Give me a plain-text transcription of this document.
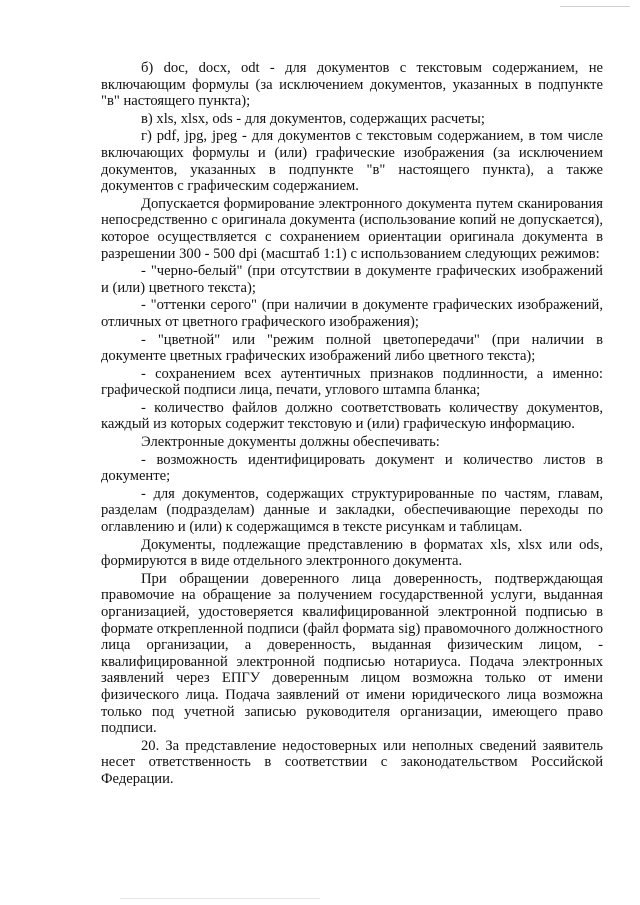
б) doc, docx, odt - для документов с текстовым содержанием, не включающим формулы (за исключением документов, указанных в подпункте "в" настоящего пункта);

в) xls, xlsx, ods - для документов, содержащих расчеты;

г) pdf, jpg, jpeg - для документов с текстовым содержанием, в том числе включающих формулы и (или) графические изображения (за исключением документов, указанных в подпункте "в" настоящего пункта), а также документов с графическим содержанием.

Допускается формирование электронного документа путем сканирования непосредственно с оригинала документа (использование копий не допускается), которое осуществляется с сохранением ориентации оригинала документа в разрешении 300 - 500 dpi (масштаб 1:1) с использованием следующих режимов:

- "черно-белый" (при отсутствии в документе графических изображений и (или) цветного текста);

- "оттенки серого" (при наличии в документе графических изображений, отличных от цветного графического изображения);

- "цветной" или "режим полной цветопередачи" (при наличии в документе цветных графических изображений либо цветного текста);

- сохранением всех аутентичных признаков подлинности, а именно: графической подписи лица, печати, углового штампа бланка;

- количество файлов должно соответствовать количеству документов, каждый из которых содержит текстовую и (или) графическую информацию.

Электронные документы должны обеспечивать:

- возможность идентифицировать документ и количество листов в документе;

- для документов, содержащих структурированные по частям, главам, разделам (подразделам) данные и закладки, обеспечивающие переходы по оглавлению и (или) к содержащимся в тексте рисункам и таблицам.

Документы, подлежащие представлению в форматах xls, xlsx или ods, формируются в виде отдельного электронного документа.

При обращении доверенного лица доверенность, подтверждающая правомочие на обращение за получением государственной услуги, выданная организацией, удостоверяется квалифицированной электронной подписью в формате открепленной подписи (файл формата sig) правомочного должностного лица организации, а доверенность, выданная физическим лицом, - квалифицированной электронной подписью нотариуса. Подача электронных заявлений через ЕПГУ доверенным лицом возможна только от имени физического лица. Подача заявлений от имени юридического лица возможна только под учетной записью руководителя организации, имеющего право подписи.

20. За представление недостоверных или неполных сведений заявитель несет ответственность в соответствии с законодательством Российской Федерации.
